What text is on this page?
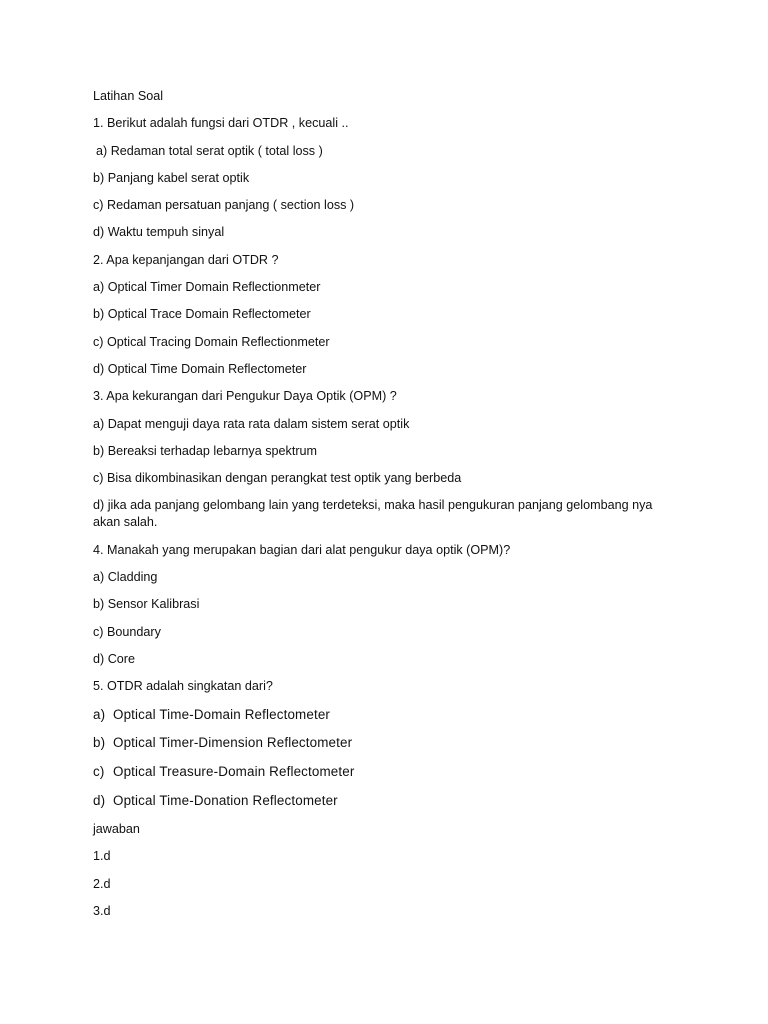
Latihan Soal
1. Berikut adalah fungsi dari OTDR , kecuali ..
a) Redaman total serat optik ( total loss )
b) Panjang kabel serat optik
c) Redaman persatuan panjang ( section loss )
d) Waktu tempuh sinyal
2. Apa kepanjangan dari OTDR ?
a) Optical Timer Domain Reflectionmeter
b) Optical Trace Domain Reflectometer
c) Optical Tracing Domain Reflectionmeter
d) Optical Time Domain Reflectometer
3. Apa kekurangan dari Pengukur Daya Optik (OPM) ?
a) Dapat menguji daya rata rata dalam sistem serat optik
b) Bereaksi terhadap lebarnya spektrum
c) Bisa dikombinasikan dengan perangkat test optik yang berbeda
d) jika ada panjang gelombang lain yang terdeteksi, maka hasil pengukuran panjang gelombang nya akan salah.
4. Manakah yang merupakan bagian dari alat pengukur daya optik (OPM)?
a) Cladding
b) Sensor Kalibrasi
c) Boundary
d) Core
5. OTDR adalah singkatan dari?
a) Optical Time-Domain Reflectometer
b) Optical Timer-Dimension Reflectometer
c) Optical Treasure-Domain Reflectometer
d) Optical Time-Donation Reflectometer
jawaban
1.d
2.d
3.d
